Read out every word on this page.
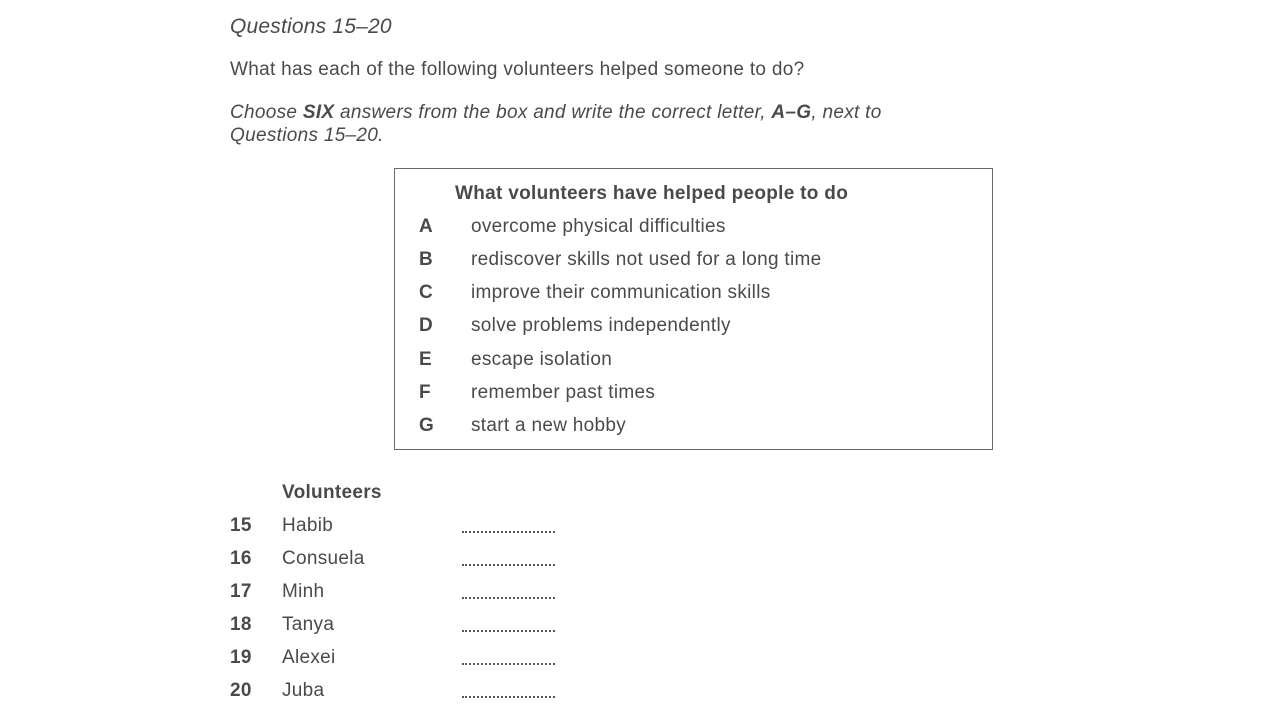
Questions 15–20
What has each of the following volunteers helped someone to do?
Choose SIX answers from the box and write the correct letter, A–G, next to
Questions 15–20.
What volunteers have helped people to do
A	overcome physical difficulties
B	rediscover skills not used for a long time
C	improve their communication skills
D	solve problems independently
E	escape isolation
F	remember past times
G	start a new hobby
Volunteers
15 Habib
16 Consuela
17 Minh
18 Tanya
19 Alexei
20 Juba
